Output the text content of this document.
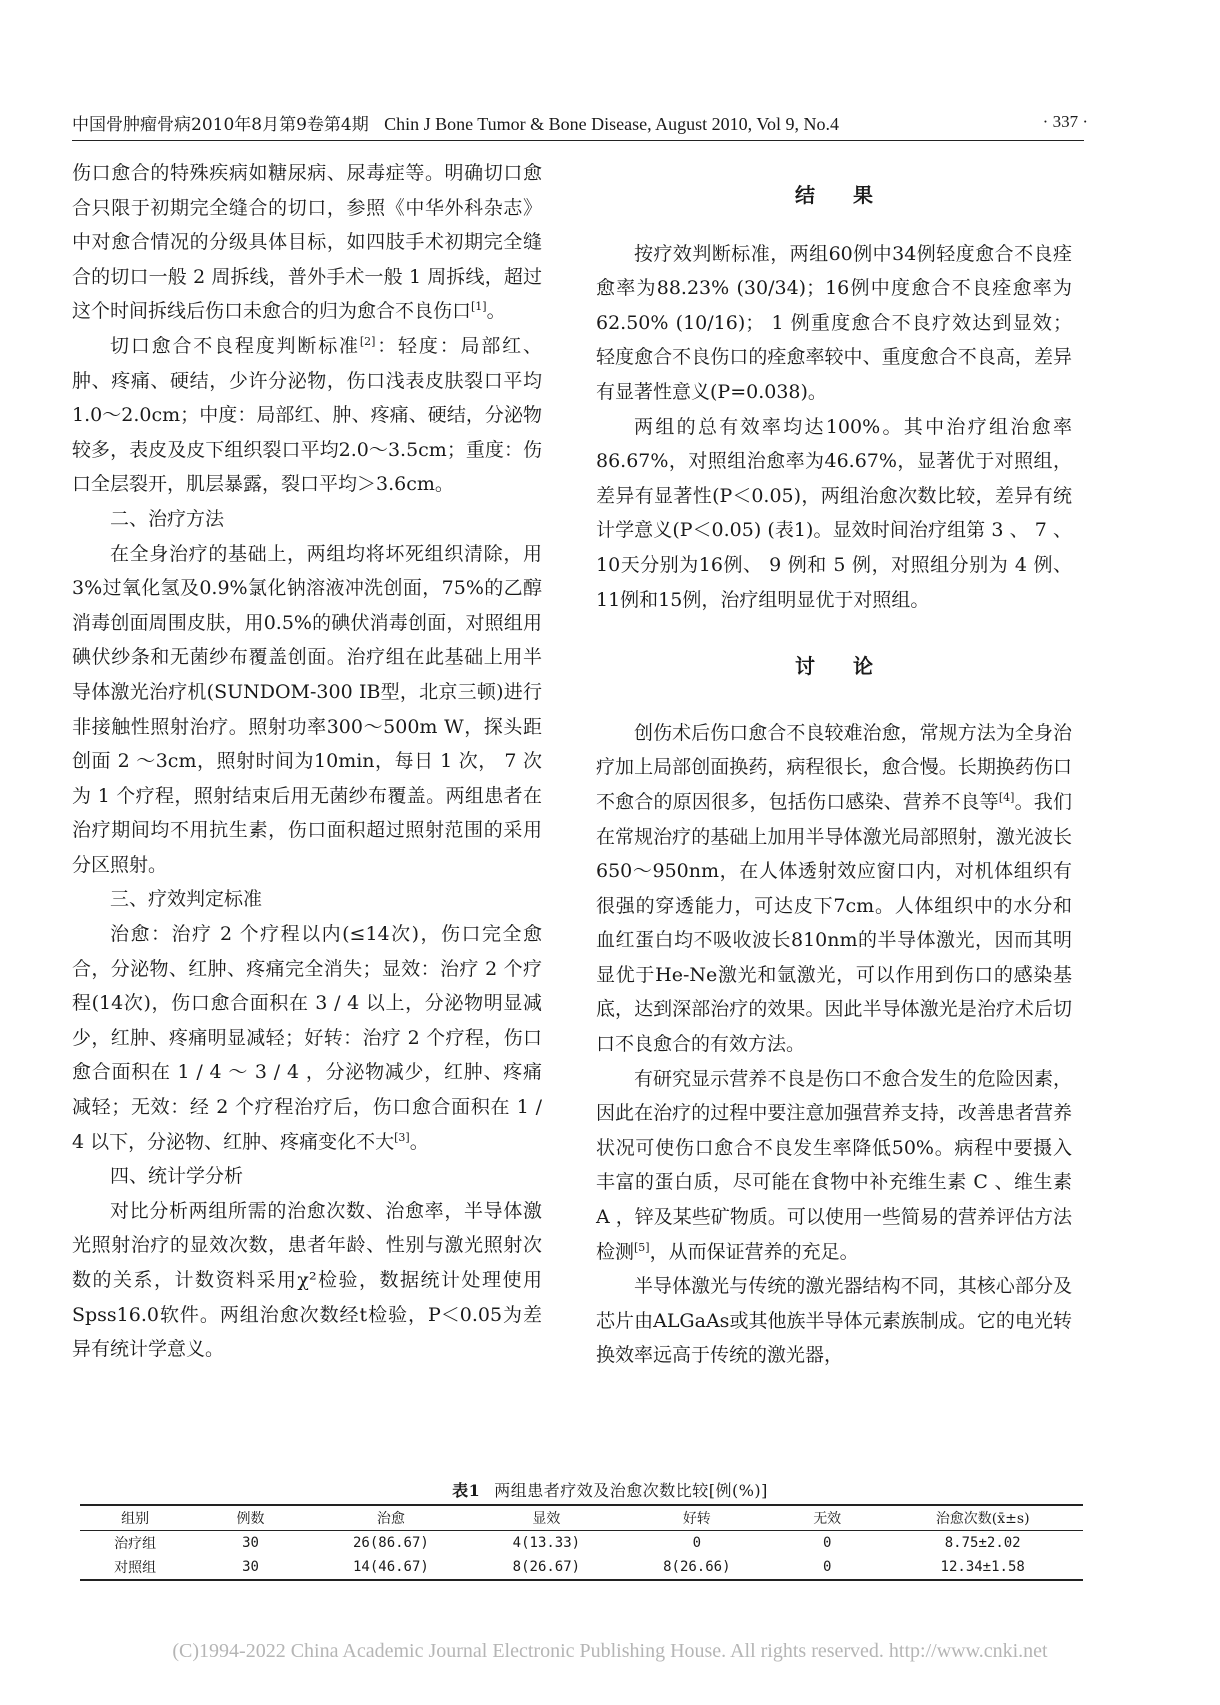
中国骨肿瘤骨病2010年8月第9卷第4期 Chin J Bone Tumor & Bone Disease, August 2010, Vol 9, No.4	· 337 ·

伤口愈合的特殊疾病如糖尿病、尿毒症等。明确切口愈合只限于初期完全缝合的切口，参照《中华外科杂志》中对愈合情况的分级具体目标，如四肢手术初期完全缝合的切口一般 2 周拆线，普外手术一般 1 周拆线，超过这个时间拆线后伤口未愈合的归为愈合不良伤口[1]。

切口愈合不良程度判断标准[2]：轻度：局部红、肿、疼痛、硬结，少许分泌物，伤口浅表皮肤裂口平均1.0～2.0cm；中度：局部红、肿、疼痛、硬结，分泌物较多，表皮及皮下组织裂口平均2.0～3.5cm；重度：伤口全层裂开，肌层暴露，裂口平均＞3.6cm。

二、治疗方法

在全身治疗的基础上，两组均将坏死组织清除，用3%过氧化氢及0.9%氯化钠溶液冲洗创面，75%的乙醇消毒创面周围皮肤，用0.5%的碘伏消毒创面，对照组用碘伏纱条和无菌纱布覆盖创面。治疗组在此基础上用半导体激光治疗机(SUNDOM-300 IB型，北京三顿)进行非接触性照射治疗。照射功率300～500m W，探头距创面 2 ～3cm，照射时间为10min，每日 1 次， 7 次为 1 个疗程，照射结束后用无菌纱布覆盖。两组患者在治疗期间均不用抗生素，伤口面积超过照射范围的采用分区照射。

三、疗效判定标准

治愈：治疗 2 个疗程以内(≤14次)，伤口完全愈合，分泌物、红肿、疼痛完全消失；显效：治疗 2 个疗程(14次)，伤口愈合面积在 3 / 4 以上，分泌物明显减少，红肿、疼痛明显减轻；好转：治疗 2 个疗程，伤口愈合面积在 1 / 4 ～ 3 / 4 ，分泌物减少，红肿、疼痛减轻；无效：经 2 个疗程治疗后，伤口愈合面积在 1 / 4 以下，分泌物、红肿、疼痛变化不大[3]。

四、统计学分析

对比分析两组所需的治愈次数、治愈率，半导体激光照射治疗的显效次数，患者年龄、性别与激光照射次数的关系，计数资料采用χ²检验，数据统计处理使用Spss16.0软件。两组治愈次数经t检验，P＜0.05为差异有统计学意义。

结果

按疗效判断标准，两组60例中34例轻度愈合不良痊愈率为88.23% (30/34)；16例中度愈合不良痊愈率为62.50% (10/16)； 1 例重度愈合不良疗效达到显效；轻度愈合不良伤口的痊愈率较中、重度愈合不良高，差异有显著性意义(P=0.038)。

两组的总有效率均达100%。其中治疗组治愈率86.67%，对照组治愈率为46.67%，显著优于对照组，差异有显著性(P＜0.05)，两组治愈次数比较，差异有统计学意义(P＜0.05) (表1)。显效时间治疗组第 3 、 7 、10天分别为16例、 9 例和 5 例，对照组分别为 4 例、11例和15例，治疗组明显优于对照组。

讨论

创伤术后伤口愈合不良较难治愈，常规方法为全身治疗加上局部创面换药，病程很长，愈合慢。长期换药伤口不愈合的原因很多，包括伤口感染、营养不良等[4]。我们在常规治疗的基础上加用半导体激光局部照射，激光波长650～950nm，在人体透射效应窗口内，对机体组织有很强的穿透能力，可达皮下7cm。人体组织中的水分和血红蛋白均不吸收波长810nm的半导体激光，因而其明显优于He-Ne激光和氩激光，可以作用到伤口的感染基底，达到深部治疗的效果。因此半导体激光是治疗术后切口不良愈合的有效方法。

有研究显示营养不良是伤口不愈合发生的危险因素，因此在治疗的过程中要注意加强营养支持，改善患者营养状况可使伤口愈合不良发生率降低50%。病程中要摄入丰富的蛋白质，尽可能在食物中补充维生素 C 、维生素 A ，锌及某些矿物质。可以使用一些简易的营养评估方法检测[5]，从而保证营养的充足。

半导体激光与传统的激光器结构不同，其核心部分及芯片由ALGaAs或其他族半导体元素族制成。它的电光转换效率远高于传统的激光器，

表1 两组患者疗效及治愈次数比较[例(%)]
组别	例数	治愈	显效	好转	无效	治愈次数(x̄±s)
治疗组	30	26(86.67)	4(13.33)	0	0	8.75±2.02
对照组	30	14(46.67)	8(26.67)	8(26.66)	0	12.34±1.58
(C)1994-2022 China Academic Journal Electronic Publishing House. All rights reserved. http://www.cnki.net
